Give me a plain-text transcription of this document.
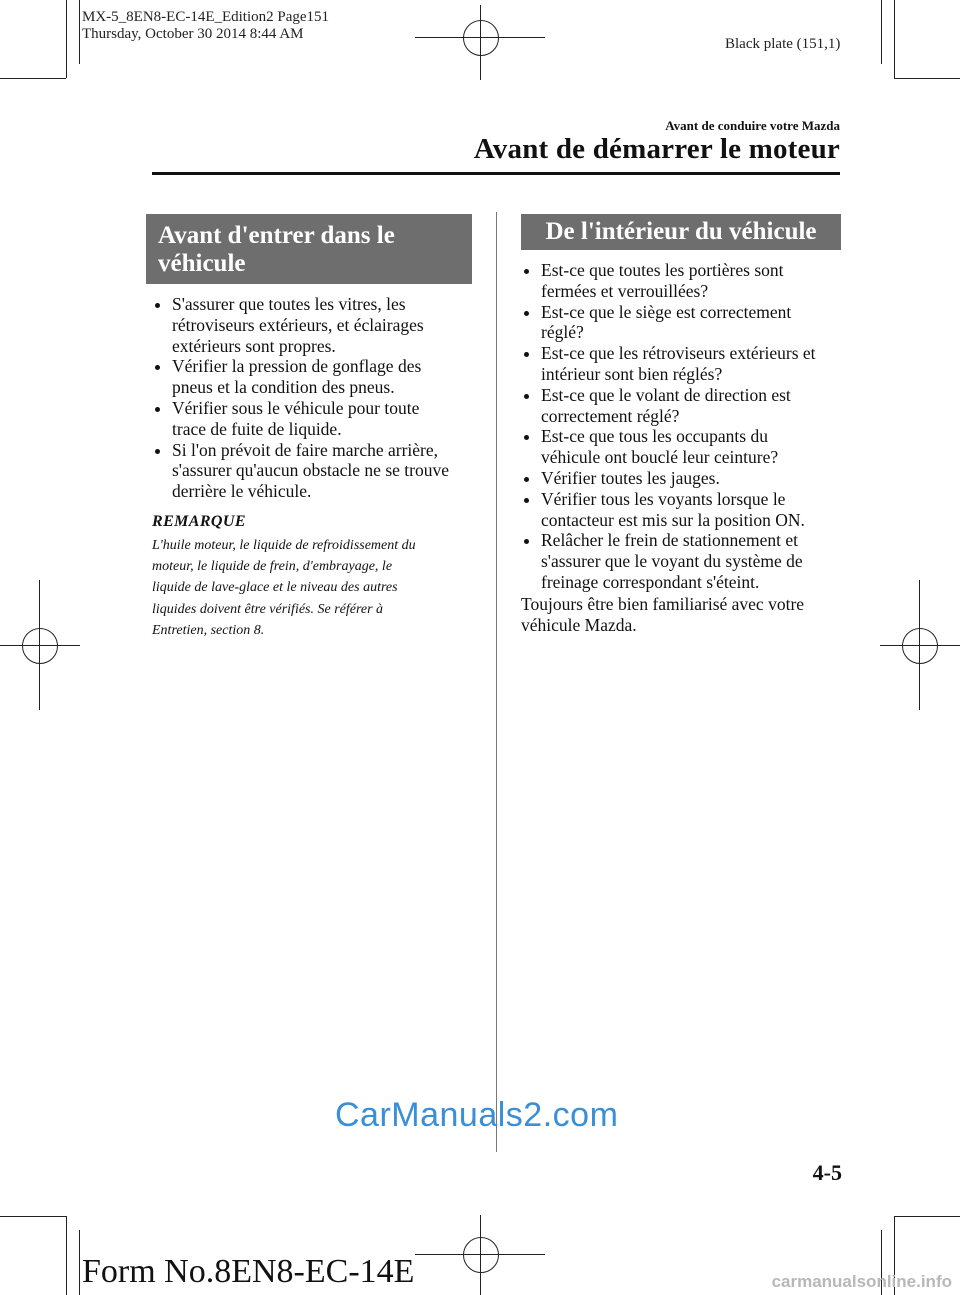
MX-5_8EN8-EC-14E_Edition2 Page151
Thursday, October 30 2014 8:44 AM
Black plate (151,1)
Avant de conduire votre Mazda
Avant de démarrer le moteur
Avant d'entrer dans le
véhicule
S'assurer que toutes les vitres, les
rétroviseurs extérieurs, et éclairages
extérieurs sont propres.
Vérifier la pression de gonflage des
pneus et la condition des pneus.
Vérifier sous le véhicule pour toute
trace de fuite de liquide.
Si l'on prévoit de faire marche arrière,
s'assurer qu'aucun obstacle ne se trouve
derrière le véhicule.
REMARQUE
L'huile moteur, le liquide de refroidissement du
moteur, le liquide de frein, d'embrayage, le
liquide de lave-glace et le niveau des autres
liquides doivent être vérifiés. Se référer à
Entretien, section 8.
De l'intérieur du véhicule
Est-ce que toutes les portières sont
fermées et verrouillées?
Est-ce que le siège est correctement
réglé?
Est-ce que les rétroviseurs extérieurs et
intérieur sont bien réglés?
Est-ce que le volant de direction est
correctement réglé?
Est-ce que tous les occupants du
véhicule ont bouclé leur ceinture?
Vérifier toutes les jauges.
Vérifier tous les voyants lorsque le
contacteur est mis sur la position ON.
Relâcher le frein de stationnement et
s'assurer que le voyant du système de
freinage correspondant s'éteint.
Toujours être bien familiarisé avec votre
véhicule Mazda.
CarManuals2.com
4-5
Form No.8EN8-EC-14E	carmanualsonline.info
